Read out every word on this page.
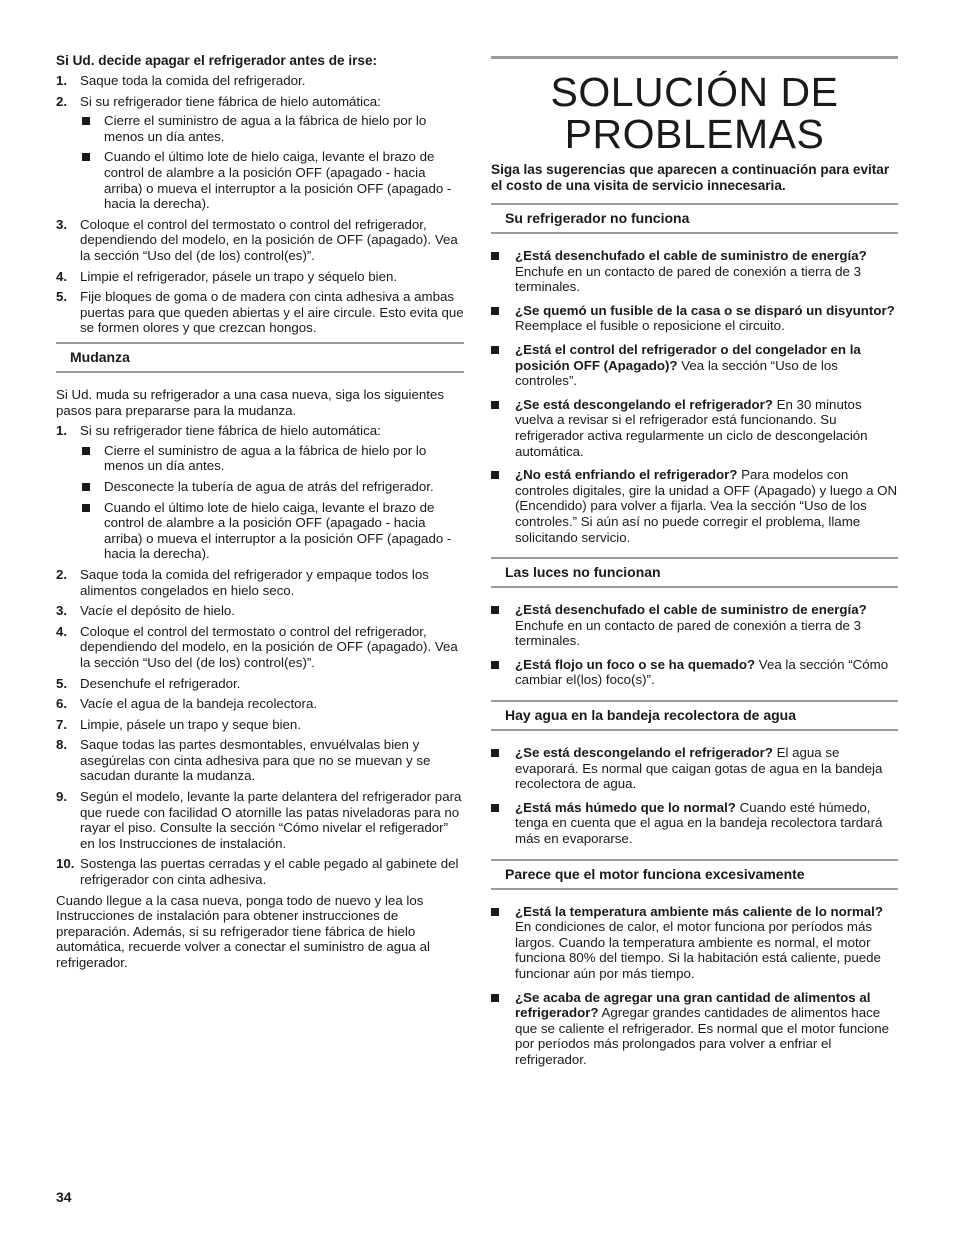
Si Ud. decide apagar el refrigerador antes de irse:
1. Saque toda la comida del refrigerador.
2. Si su refrigerador tiene fábrica de hielo automática:
Cierre el suministro de agua a la fábrica de hielo por lo menos un día antes.
Cuando el último lote de hielo caiga, levante el brazo de control de alambre a la posición OFF (apagado - hacia arriba) o mueva el interruptor a la posición OFF (apagado - hacia la derecha).
3. Coloque el control del termostato o control del refrigerador, dependiendo del modelo, en la posición de OFF (apagado). Vea la sección “Uso del (de los) control(es)”.
4. Limpie el refrigerador, pásele un trapo y séquelo bien.
5. Fije bloques de goma o de madera con cinta adhesiva a ambas puertas para que queden abiertas y el aire circule. Esto evita que se formen olores y que crezcan hongos.
Mudanza
Si Ud. muda su refrigerador a una casa nueva, siga los siguientes pasos para prepararse para la mudanza.
1. Si su refrigerador tiene fábrica de hielo automática:
Cierre el suministro de agua a la fábrica de hielo por lo menos un día antes.
Desconecte la tubería de agua de atrás del refrigerador.
Cuando el último lote de hielo caiga, levante el brazo de control de alambre a la posición OFF (apagado - hacia arriba) o mueva el interruptor a la posición OFF (apagado - hacia la derecha).
2. Saque toda la comida del refrigerador y empaque todos los alimentos congelados en hielo seco.
3. Vacíe el depósito de hielo.
4. Coloque el control del termostato o control del refrigerador, dependiendo del modelo, en la posición de OFF (apagado). Vea la sección “Uso del (de los) control(es)”.
5. Desenchufe el refrigerador.
6. Vacíe el agua de la bandeja recolectora.
7. Limpie, pásele un trapo y seque bien.
8. Saque todas las partes desmontables, envuélvalas bien y asegúrelas con cinta adhesiva para que no se muevan y se sacudan durante la mudanza.
9. Según el modelo, levante la parte delantera del refrigerador para que ruede con facilidad O atornille las patas niveladoras para no rayar el piso. Consulte la sección “Cómo nivelar el refigerador” en los Instrucciones de instalación.
10. Sostenga las puertas cerradas y el cable pegado al gabinete del refrigerador con cinta adhesiva.
Cuando llegue a la casa nueva, ponga todo de nuevo y lea los Instrucciones de instalación para obtener instrucciones de preparación. Además, si su refrigerador tiene fábrica de hielo automática, recuerde volver a conectar el suministro de agua al refrigerador.
34
SOLUCIÓN DE
PROBLEMAS
Siga las sugerencias que aparecen a continuación para evitar el costo de una visita de servicio innecesaria.
Su refrigerador no funciona
¿Está desenchufado el cable de suministro de energía? Enchufe en un contacto de pared de conexión a tierra de 3 terminales.
¿Se quemó un fusible de la casa o se disparó un disyuntor? Reemplace el fusible o reposicione el circuito.
¿Está el control del refrigerador o del congelador en la posición OFF (Apagado)? Vea la sección “Uso de los controles”.
¿Se está descongelando el refrigerador? En 30 minutos vuelva a revisar si el refrigerador está funcionando. Su refrigerador activa regularmente un ciclo de descongelación automática.
¿No está enfriando el refrigerador? Para modelos con controles digitales, gire la unidad a OFF (Apagado) y luego a ON (Encendido) para volver a fijarla. Vea la sección “Uso de los controles.” Si aún así no puede corregir el problema, llame solicitando servicio.
Las luces no funcionan
¿Está desenchufado el cable de suministro de energía? Enchufe en un contacto de pared de conexión a tierra de 3 terminales.
¿Está flojo un foco o se ha quemado? Vea la sección “Cómo cambiar el(los) foco(s)”.
Hay agua en la bandeja recolectora de agua
¿Se está descongelando el refrigerador? El agua se evaporará. Es normal que caigan gotas de agua en la bandeja recolectora de agua.
¿Está más húmedo que lo normal? Cuando esté húmedo, tenga en cuenta que el agua en la bandeja recolectora tardará más en evaporarse.
Parece que el motor funciona excesivamente
¿Está la temperatura ambiente más caliente de lo normal? En condiciones de calor, el motor funciona por períodos más largos. Cuando la temperatura ambiente es normal, el motor funciona 80% del tiempo. Si la habitación está caliente, puede funcionar aún por más tiempo.
¿Se acaba de agregar una gran cantidad de alimentos al refrigerador? Agregar grandes cantidades de alimentos hace que se caliente el refrigerador. Es normal que el motor funcione por períodos más prolongados para volver a enfriar el refrigerador.
